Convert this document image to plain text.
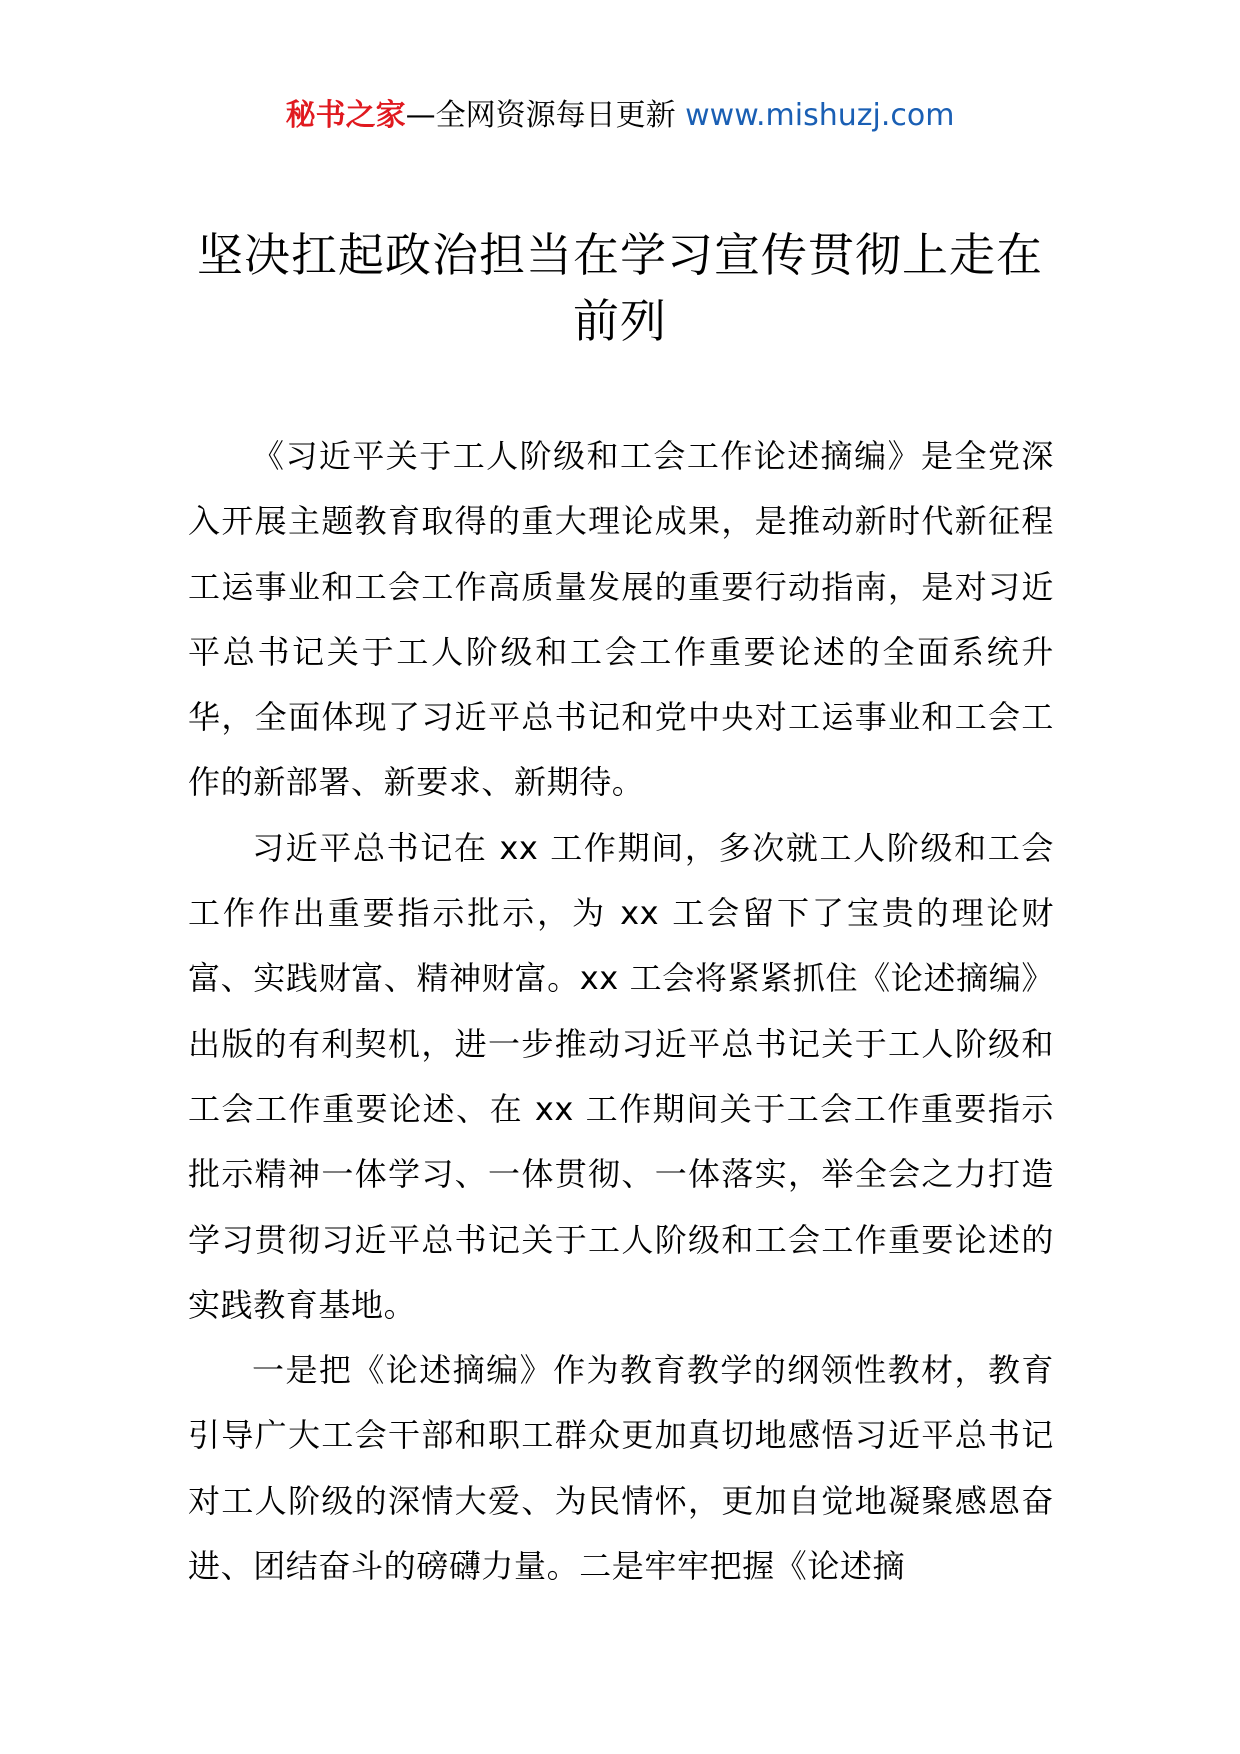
秘书之家—全网资源每日更新 www.mishuzj.com
坚决扛起政治担当在学习宣传贯彻上走在
前列

《习近平关于工人阶级和工会工作论述摘编》是全党深入开展主题教育取得的重大理论成果，是推动新时代新征程工运事业和工会工作高质量发展的重要行动指南，是对习近平总书记关于工人阶级和工会工作重要论述的全面系统升华，全面体现了习近平总书记和党中央对工运事业和工会工作的新部署、新要求、新期待。

习近平总书记在 xx 工作期间，多次就工人阶级和工会工作作出重要指示批示，为 xx 工会留下了宝贵的理论财富、实践财富、精神财富。xx 工会将紧紧抓住《论述摘编》出版的有利契机，进一步推动习近平总书记关于工人阶级和工会工作重要论述、在 xx 工作期间关于工会工作重要指示批示精神一体学习、一体贯彻、一体落实，举全会之力打造学习贯彻习近平总书记关于工人阶级和工会工作重要论述的实践教育基地。

一是把《论述摘编》作为教育教学的纲领性教材，教育引导广大工会干部和职工群众更加真切地感悟习近平总书记对工人阶级的深情大爱、为民情怀，更加自觉地凝聚感恩奋进、团结奋斗的磅礴力量。二是牢牢把握《论述摘
